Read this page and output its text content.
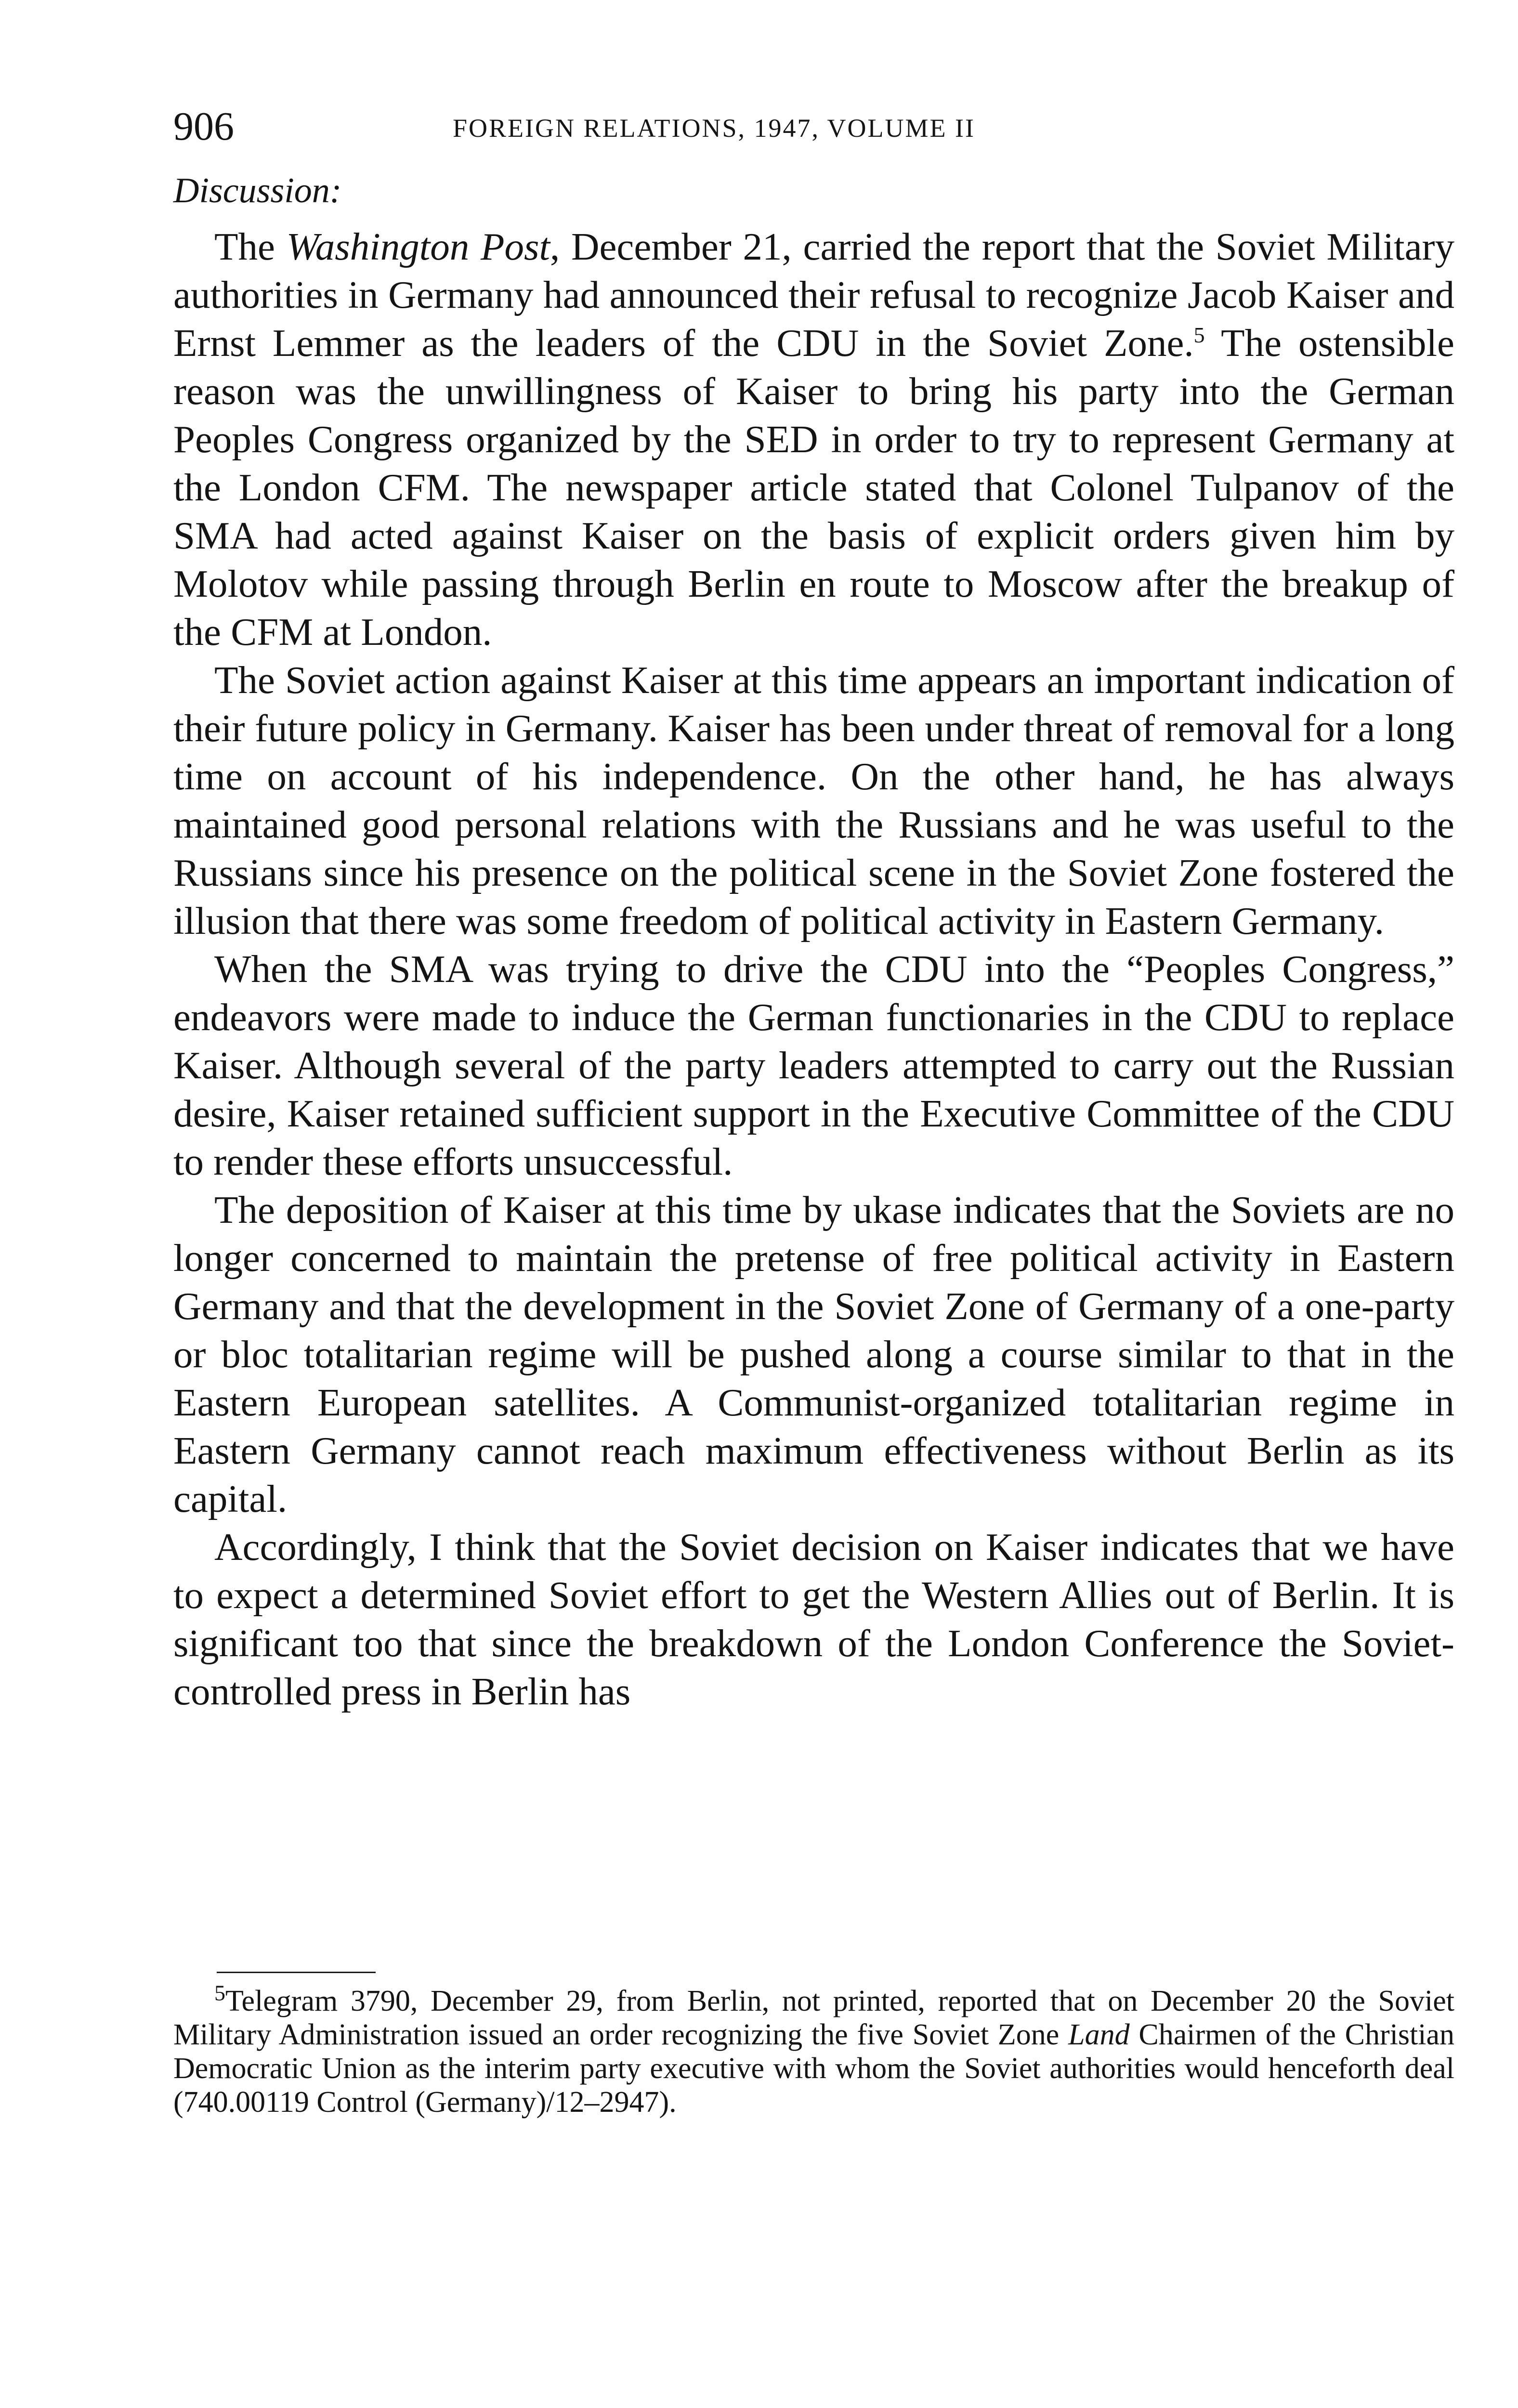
906	FOREIGN RELATIONS, 1947, VOLUME II
Discussion:

The Washington Post, December 21, carried the report that the Soviet Military authorities in Germany had announced their refusal to recognize Jacob Kaiser and Ernst Lemmer as the leaders of the CDU in the Soviet Zone.$^5$ The ostensible reason was the unwillingness of Kaiser to bring his party into the German Peoples Congress organized by the SED in order to try to represent Germany at the London CFM. The newspaper article stated that Colonel Tulpanov of the SMA had acted against Kaiser on the basis of explicit orders given him by Molotov while passing through Berlin en route to Moscow after the breakup of the CFM at London.

The Soviet action against Kaiser at this time appears an important indication of their future policy in Germany. Kaiser has been under threat of removal for a long time on account of his independence. On the other hand, he has always maintained good personal relations with the Russians and he was useful to the Russians since his presence on the political scene in the Soviet Zone fostered the illusion that there was some freedom of political activity in Eastern Germany.

When the SMA was trying to drive the CDU into the “Peoples Congress,” endeavors were made to induce the German functionaries in the CDU to replace Kaiser. Although several of the party leaders attempted to carry out the Russian desire, Kaiser retained sufficient support in the Executive Committee of the CDU to render these efforts unsuccessful.

The deposition of Kaiser at this time by ukase indicates that the Soviets are no longer concerned to maintain the pretense of free political activity in Eastern Germany and that the development in the Soviet Zone of Germany of a one-party or bloc totalitarian regime will be pushed along a course similar to that in the Eastern European satellites. A Communist-organized totalitarian regime in Eastern Germany cannot reach maximum effectiveness without Berlin as its capital.

Accordingly, I think that the Soviet decision on Kaiser indicates that we have to expect a determined Soviet effort to get the Western Allies out of Berlin. It is significant too that since the breakdown of the London Conference the Soviet-controlled press in Berlin has

$^5$Telegram 3790, December 29, from Berlin, not printed, reported that on December 20 the Soviet Military Administration issued an order recognizing the five Soviet Zone Land Chairmen of the Christian Democratic Union as the interim party executive with whom the Soviet authorities would henceforth deal (740.00119 Control (Germany)/12–2947).
